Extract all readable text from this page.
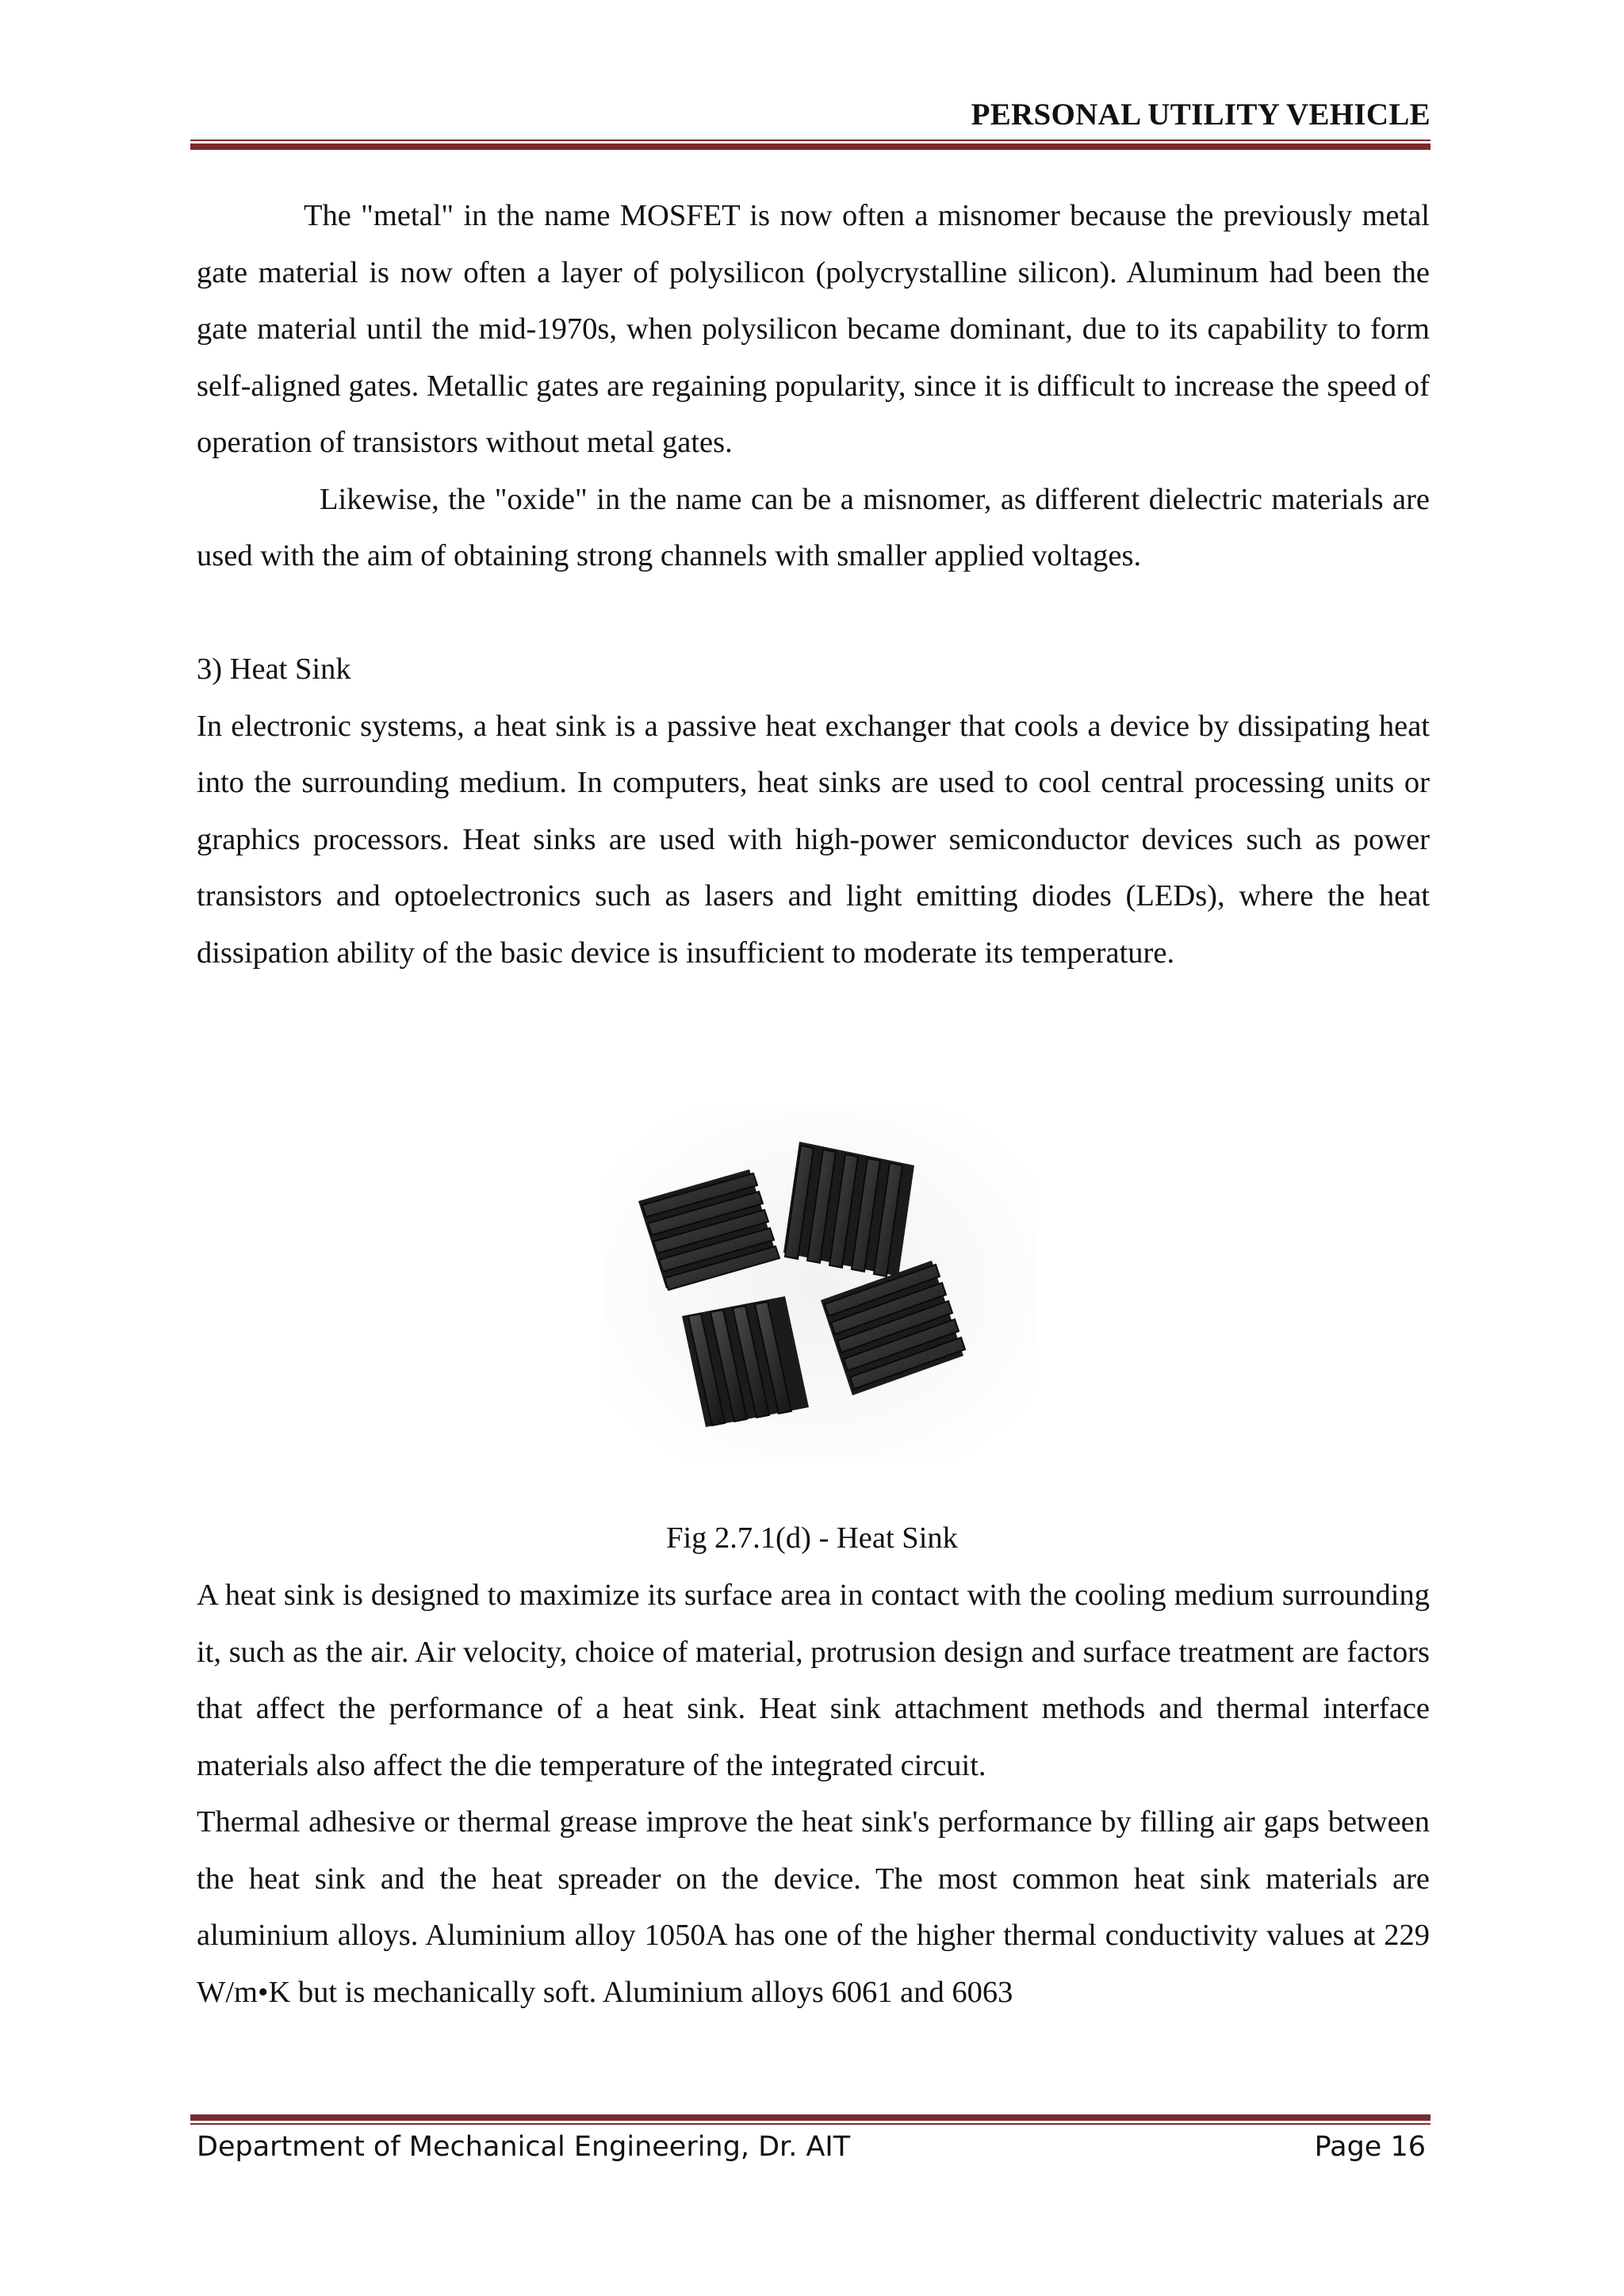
PERSONAL UTILITY VEHICLE

The "metal" in the name MOSFET is now often a misnomer because the previously metal gate material is now often a layer of polysilicon (polycrystalline silicon). Aluminum had been the gate material until the mid-1970s, when polysilicon became dominant, due to its capability to form self-aligned gates. Metallic gates are regaining popularity, since it is difficult to increase the speed of operation of transistors without metal gates.

Likewise, the "oxide" in the name can be a misnomer, as different dielectric materials are used with the aim of obtaining strong channels with smaller applied voltages.

3) Heat Sink

In electronic systems, a heat sink is a passive heat exchanger that cools a device by dissipating heat into the surrounding medium. In computers, heat sinks are used to cool central processing units or graphics processors. Heat sinks are used with high-power semiconductor devices such as power transistors and optoelectronics such as lasers and light emitting diodes (LEDs), where the heat dissipation ability of the basic device is insufficient to moderate its temperature.

Fig 2.7.1(d) - Heat Sink

A heat sink is designed to maximize its surface area in contact with the cooling medium surrounding it, such as the air. Air velocity, choice of material, protrusion design and surface treatment are factors that affect the performance of a heat sink. Heat sink attachment methods and thermal interface materials also affect the die temperature of the integrated circuit.

Thermal adhesive or thermal grease improve the heat sink's performance by filling air gaps between the heat sink and the heat spreader on the device. The most common heat sink materials are aluminium alloys. Aluminium alloy 1050A has one of the higher thermal conductivity values at 229 W/m•K but is mechanically soft. Aluminium alloys 6061 and 6063

Department of Mechanical Engineering, Dr. AIT	Page 16
